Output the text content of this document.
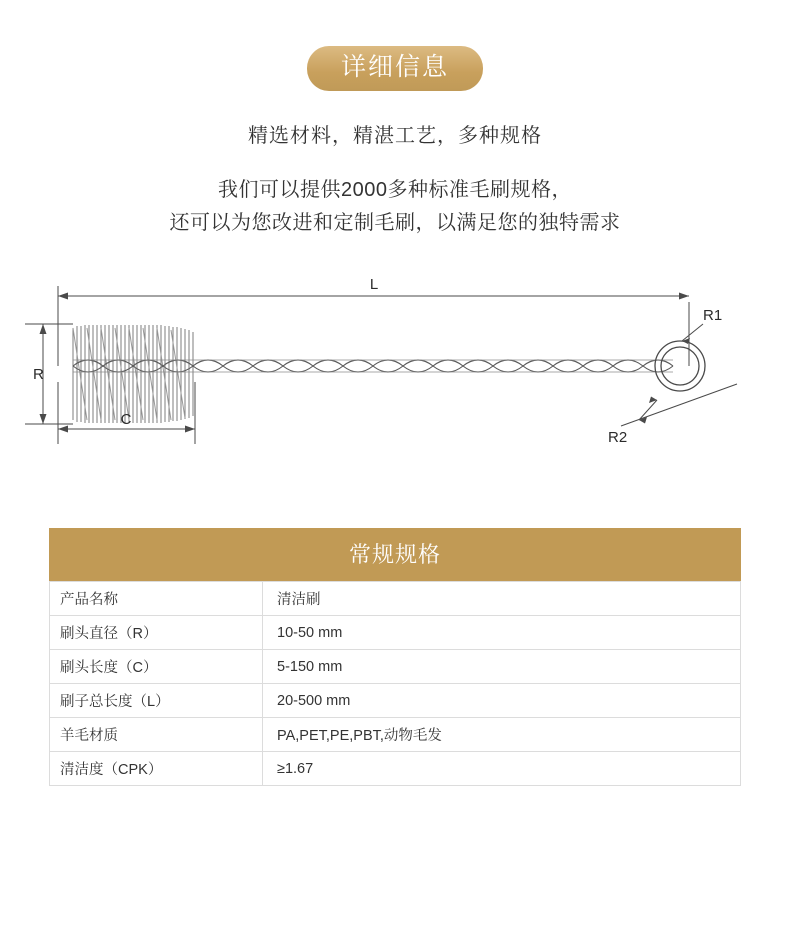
详细信息
精选材料，精湛工艺，多种规格
我们可以提供2000多种标准毛刷规格，
还可以为您改进和定制毛刷，以满足您的独特需求
L
R
C
R1
R2
常规规格
产品名称	清洁刷
刷头直径（R）	10-50 mm
刷头长度（C）	5-150 mm
刷子总长度（L）	20-500 mm
羊毛材质	PA,PET,PE,PBT,动物毛发
清洁度（CPK）	≥1.67
